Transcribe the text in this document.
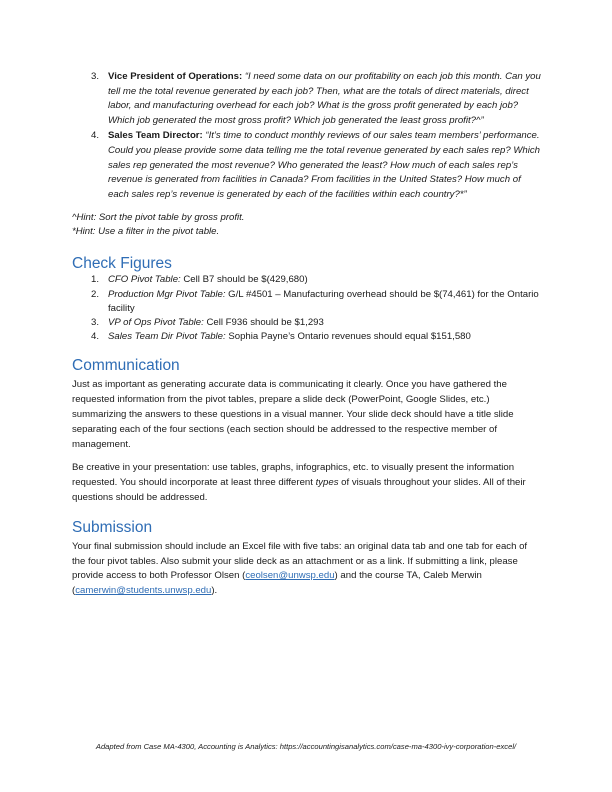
3. Vice President of Operations: “I need some data on our profitability on each job this month. Can you tell me the total revenue generated by each job? Then, what are the totals of direct materials, direct labor, and manufacturing overhead for each job? What is the gross profit generated by each job? Which job generated the most gross profit? Which job generated the least gross profit?^”
4. Sales Team Director: “It’s time to conduct monthly reviews of our sales team members’ performance. Could you please provide some data telling me the total revenue generated by each sales rep? Which sales rep generated the most revenue? Who generated the least? How much of each sales rep’s revenue is generated from facilities in Canada? From facilities in the United States? How much of each sales rep’s revenue is generated by each of the facilities within each country?*”
^Hint: Sort the pivot table by gross profit.
*Hint: Use a filter in the pivot table.
Check Figures
1. CFO Pivot Table: Cell B7 should be $(429,680)
2. Production Mgr Pivot Table: G/L #4501 – Manufacturing overhead should be $(74,461) for the Ontario facility
3. VP of Ops Pivot Table: Cell F936 should be $1,293
4. Sales Team Dir Pivot Table: Sophia Payne’s Ontario revenues should equal $151,580
Communication

Just as important as generating accurate data is communicating it clearly. Once you have gathered the requested information from the pivot tables, prepare a slide deck (PowerPoint, Google Slides, etc.) summarizing the answers to these questions in a visual manner. Your slide deck should have a title slide separating each of the four sections (each section should be addressed to the respective member of management.

Be creative in your presentation: use tables, graphs, infographics, etc. to visually present the information requested. You should incorporate at least three different types of visuals throughout your slides. All of their questions should be addressed.

Submission

Your final submission should include an Excel file with five tabs: an original data tab and one tab for each of the four pivot tables. Also submit your slide deck as an attachment or as a link. If submitting a link, please provide access to both Professor Olsen (ceolsen@unwsp.edu) and the course TA, Caleb Merwin (camerwin@students.unwsp.edu).

Adapted from Case MA-4300, Accounting is Analytics: https://accountingisanalytics.com/case-ma-4300-ivy-corporation-excel/
